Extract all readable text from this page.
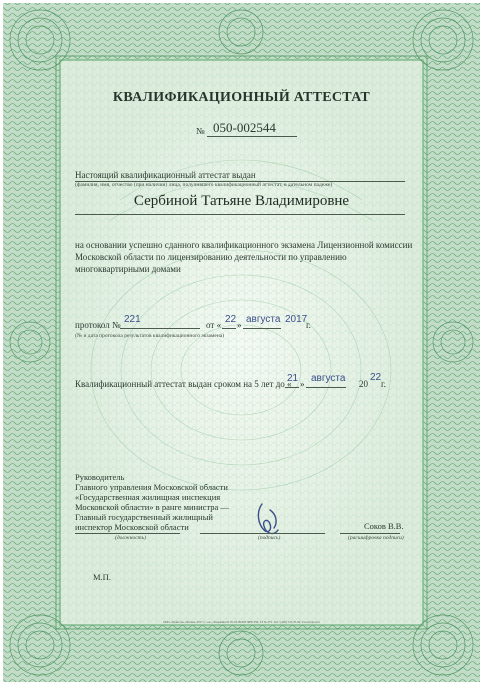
КВАЛИФИКАЦИОННЫЙ АТТЕСТАТ

№ 050-002544

Настоящий квалификационный аттестат выдан

(фамилия, имя, отчество (при наличии) лица, получившего квалификационный аттестат, в дательном падеже)

Сербиной Татьяне Владимировне

на основании успешно сданного квалификационного экзамена Лицензионной комиссии

Московской области по лицензированию деятельности по управлению

многоквартирными домами

протокол № 221	от « 22 » августа 2017
г.

(№ и дата протокола результатов квалификационного экзамена)

Квалификационный аттестат выдан сроком на 5 лет до «
21 » августа 20
22
г.

Руководитель

Главного управления Московской области

«Государственная жилищная инспекция

Московской области» в ранге министра —

Главный государственный жилищный

инспектор Московской области

(должность)	(подпись)

Соков В.В.

(расшифровка подписи)

М.П.

ООО «Трайтон», Москва, 2017 г., «А», Лицензия № 05-05-09/003 ФНС РФ, ТЗ № 272. Тел.: (495) 725-47-09, www.trajton.ru
